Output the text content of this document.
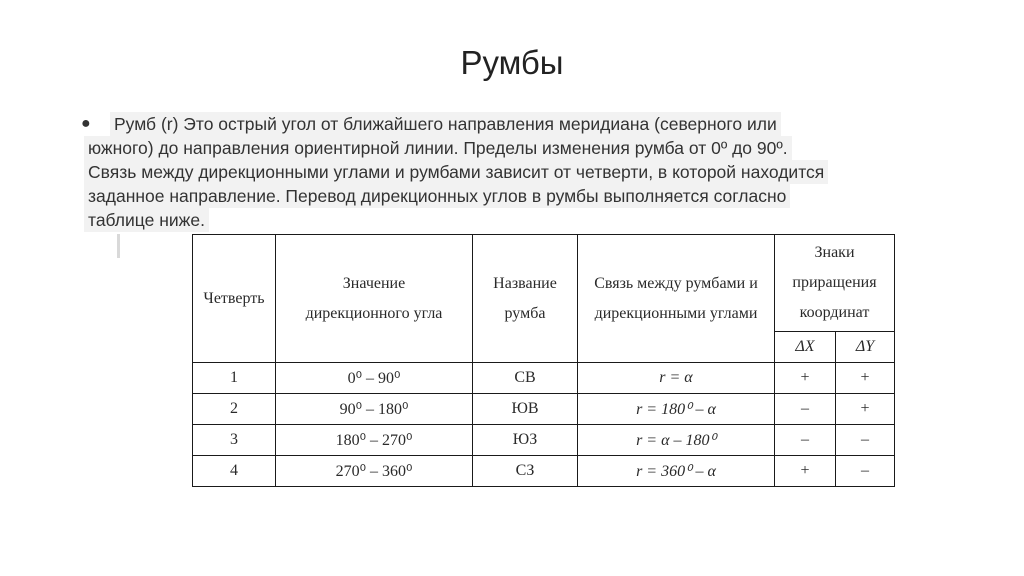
Румбы
● Румб (r) Это острый угол от ближайшего направления меридиана (северного или
южного) до направления ориентирной линии. Пределы изменения румба от 0º до 90º.
Связь между дирекционными углами и румбами зависит от четверти, в которой находится
заданное направление. Перевод дирекционных углов в румбы выполняется согласно
таблице ниже.
Четверть	Значение дирекционного угла	Название румба	Связь между румбами и дирекционными углами	Знаки приращения координат	
				ΔX	ΔY
1	0⁰ – 90⁰	СВ	r = α	+	+
2	90⁰ – 180⁰	ЮВ	r = 180⁰ – α	–	+
3	180⁰ – 270⁰	ЮЗ	r = α – 180⁰	–	–
4	270⁰ – 360⁰	СЗ	r = 360⁰ – α	+	–
